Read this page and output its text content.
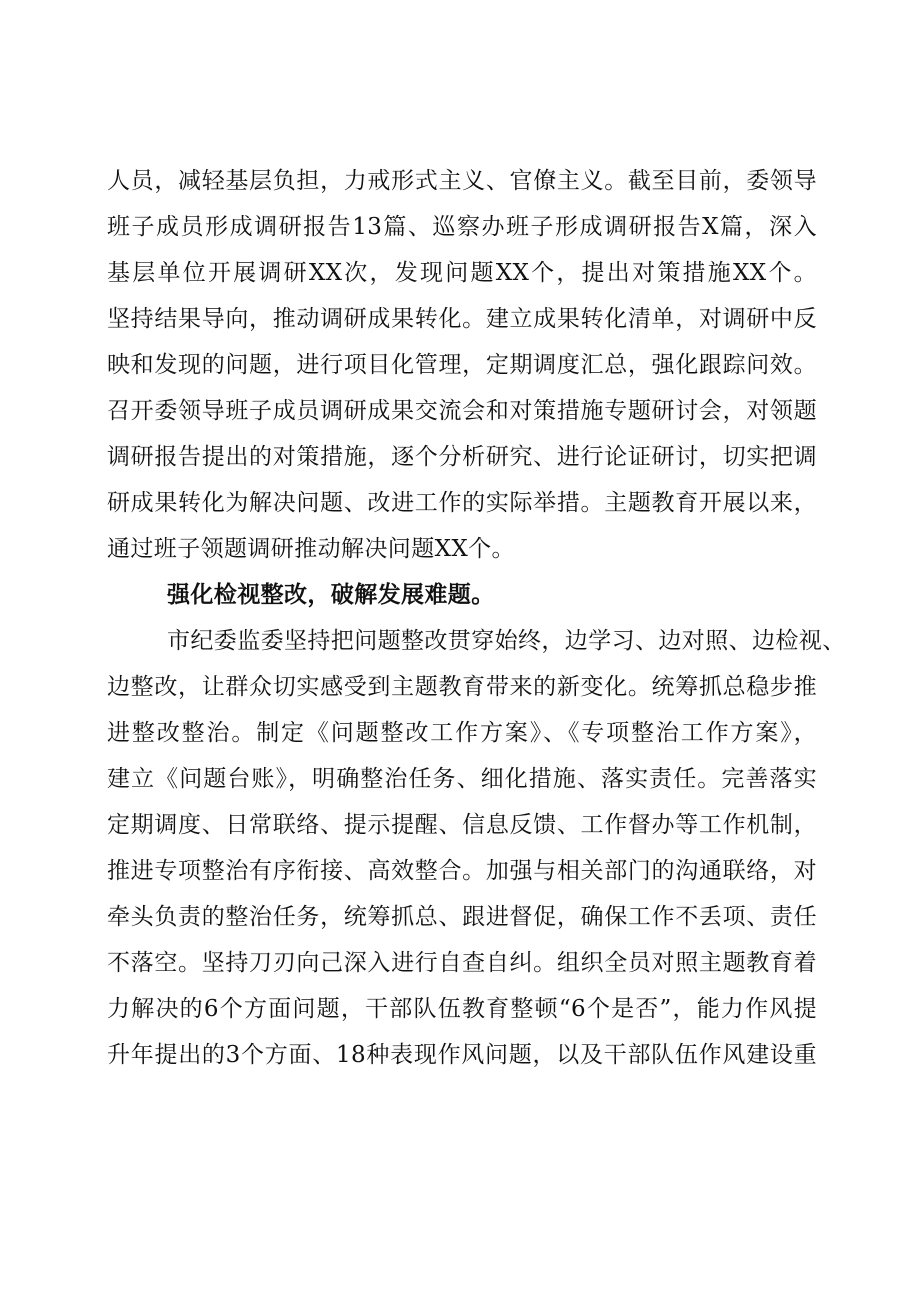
人员，减轻基层负担，力戒形式主义、官僚主义。截至目前，委领导
班子成员形成调研报告13篇、巡察办班子形成调研报告X篇，深入
基层单位开展调研XX次，发现问题XX个，提出对策措施XX个。
坚持结果导向，推动调研成果转化。建立成果转化清单，对调研中反
映和发现的问题，进行项目化管理，定期调度汇总，强化跟踪问效。
召开委领导班子成员调研成果交流会和对策措施专题研讨会，对领题
调研报告提出的对策措施，逐个分析研究、进行论证研讨，切实把调
研成果转化为解决问题、改进工作的实际举措。主题教育开展以来，
通过班子领题调研推动解决问题XX个。
强化检视整改，破解发展难题。
市纪委监委坚持把问题整改贯穿始终，边学习、边对照、边检视、
边整改，让群众切实感受到主题教育带来的新变化。统筹抓总稳步推
进整改整治。制定《问题整改工作方案》、《专项整治工作方案》，
建立《问题台账》，明确整治任务、细化措施、落实责任。完善落实
定期调度、日常联络、提示提醒、信息反馈、工作督办等工作机制，
推进专项整治有序衔接、高效整合。加强与相关部门的沟通联络，对
牵头负责的整治任务，统筹抓总、跟进督促，确保工作不丢项、责任
不落空。坚持刀刃向己深入进行自查自纠。组织全员对照主题教育着
力解决的6个方面问题，干部队伍教育整顿“6个是否”，能力作风提
升年提出的3个方面、18种表现作风问题，以及干部队伍作风建设重
